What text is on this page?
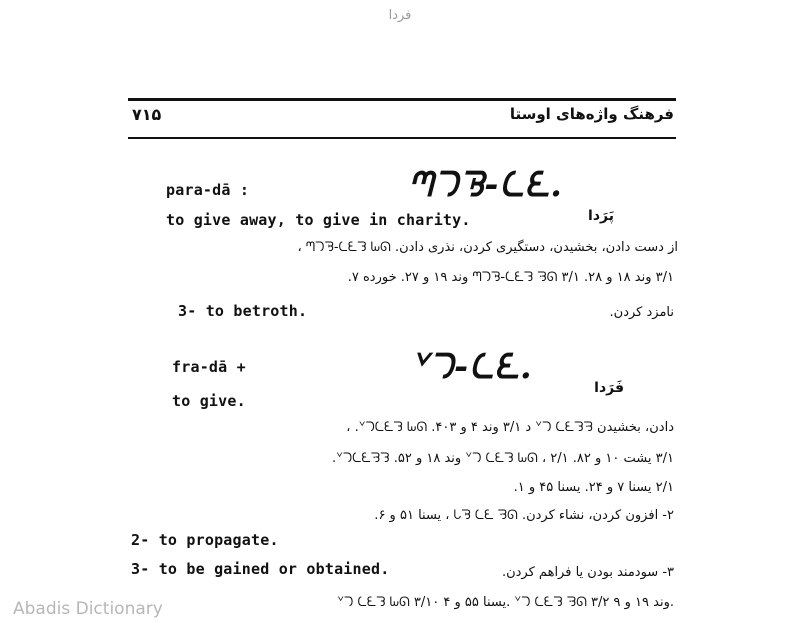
فردا
۷۱۵	فرهنگ واژه‌های اوستا
para-dā :	ᘉᘄᘋ-ᘇᘍ.
to give away, to give in charity.	پَرَدا
از دست دادن، بخشیدن، دستگیری کردن، نذری دادن. ᘉᘄᘋ-ᘇᘍᘊ ᘈᘏ ،
۳/۱ وند ۱۸ و ۲۸. ᘉᘄᘋ-ᘇᘍᘊ ᘌᘏ ۳/۱ وند ۱۹ و ۲۷. خورده ۷.
3- to betroth.	نامزد کردن.
fra-dā +	ᘁᘄ-ᘇᘍ.
to give.
فَرَدا
دادن، بخشیدن ᘁᘄ ᘇᘍᘊᘌ د ۳/۱ وند ۴ و ۴۰۳. ᘁᘄᘇᘍᘊ ᘈᘏ. ،
۳/۱ یشت ۱۰ و ۸۲. ᘁᘄ ᘇᘍᘊ ᘈᘏ ، ۲/۱ وند ۱۸ و ۵۲. ᘁᘄᘇᘍᘌᘊ.
۲/۱ یسنا ۷ و ۲۴. یسنا ۴۵ و ۱.
۲- افزون کردن، نشاء کردن. ᘂᘋ ᘇᘍ ᘌᘏ ، یسنا ۵۱ و ۶.
2- to propagate.
3- to be gained or obtained.	۳- سودمند بودن یا فراهم کردن.
ᘁᘄ ᘇᘍᘊ ᘈᘏ ۳/۱۰ یسنا ۵۵ و ۴. ᘁᘄ ᘇᘍᘊ ᘌᘏ ۳/۲ وند ۱۹ و ۹.
Abadis Dictionary
